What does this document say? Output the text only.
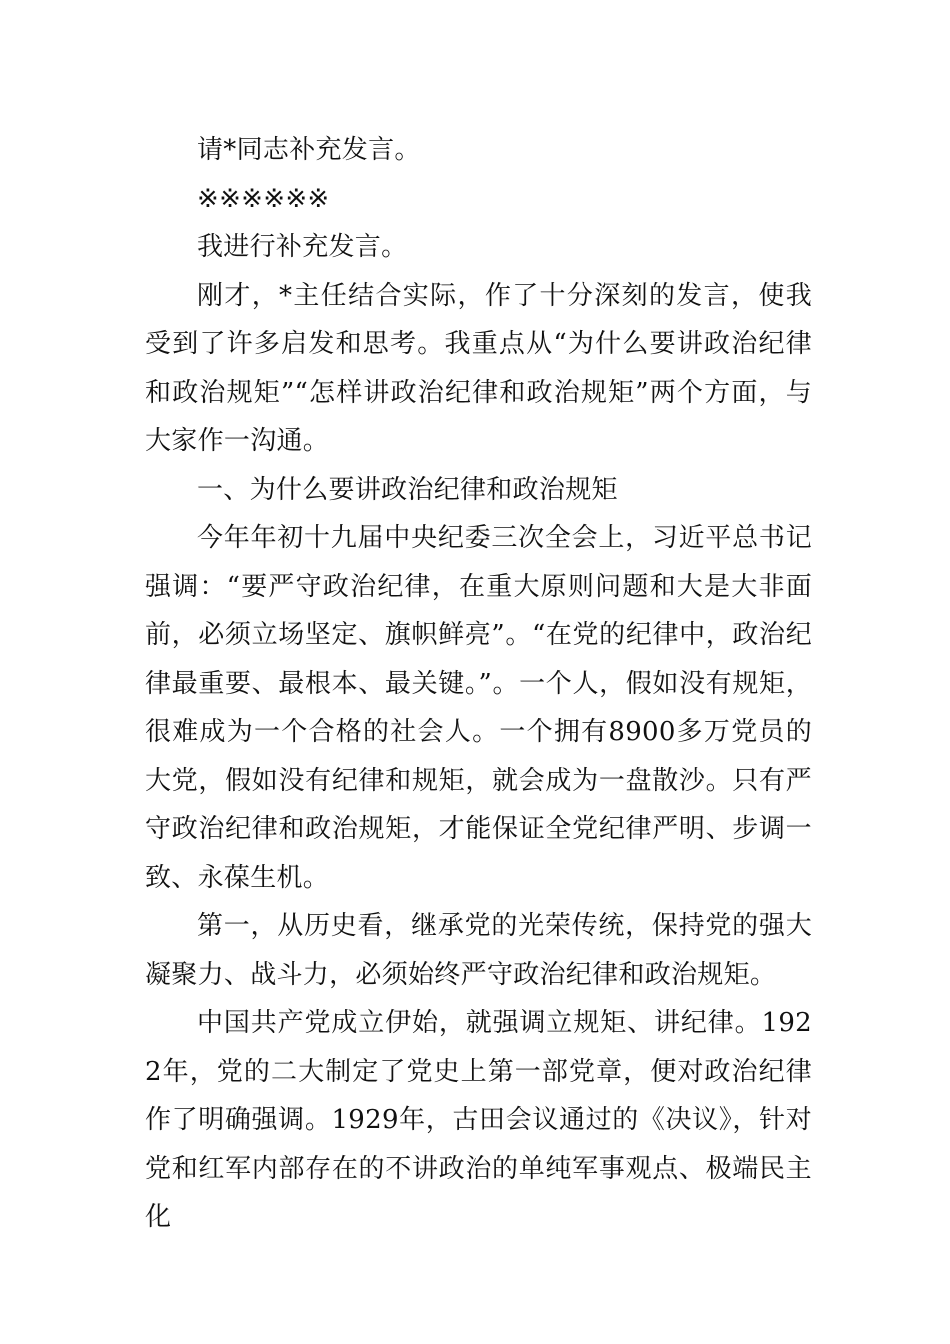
请*同志补充发言。

※※※※※※

我进行补充发言。

刚才，*主任结合实际，作了十分深刻的发言，使我受到了许多启发和思考。我重点从“为什么要讲政治纪律和政治规矩”“怎样讲政治纪律和政治规矩”两个方面，与大家作一沟通。

一、为什么要讲政治纪律和政治规矩

今年年初十九届中央纪委三次全会上，习近平总书记强调：“要严守政治纪律，在重大原则问题和大是大非面前，必须立场坚定、旗帜鲜亮”。“在党的纪律中，政治纪律最重要、最根本、最关键。”。一个人，假如没有规矩，很难成为一个合格的社会人。一个拥有8900多万党员的大党，假如没有纪律和规矩，就会成为一盘散沙。只有严守政治纪律和政治规矩，才能保证全党纪律严明、步调一致、永葆生机。

第一，从历史看，继承党的光荣传统，保持党的强大凝聚力、战斗力，必须始终严守政治纪律和政治规矩。

中国共产党成立伊始，就强调立规矩、讲纪律。1922年，党的二大制定了党史上第一部党章，便对政治纪律作了明确强调。1929年，古田会议通过的《决议》，针对党和红军内部存在的不讲政治的单纯军事观点、极端民主化
